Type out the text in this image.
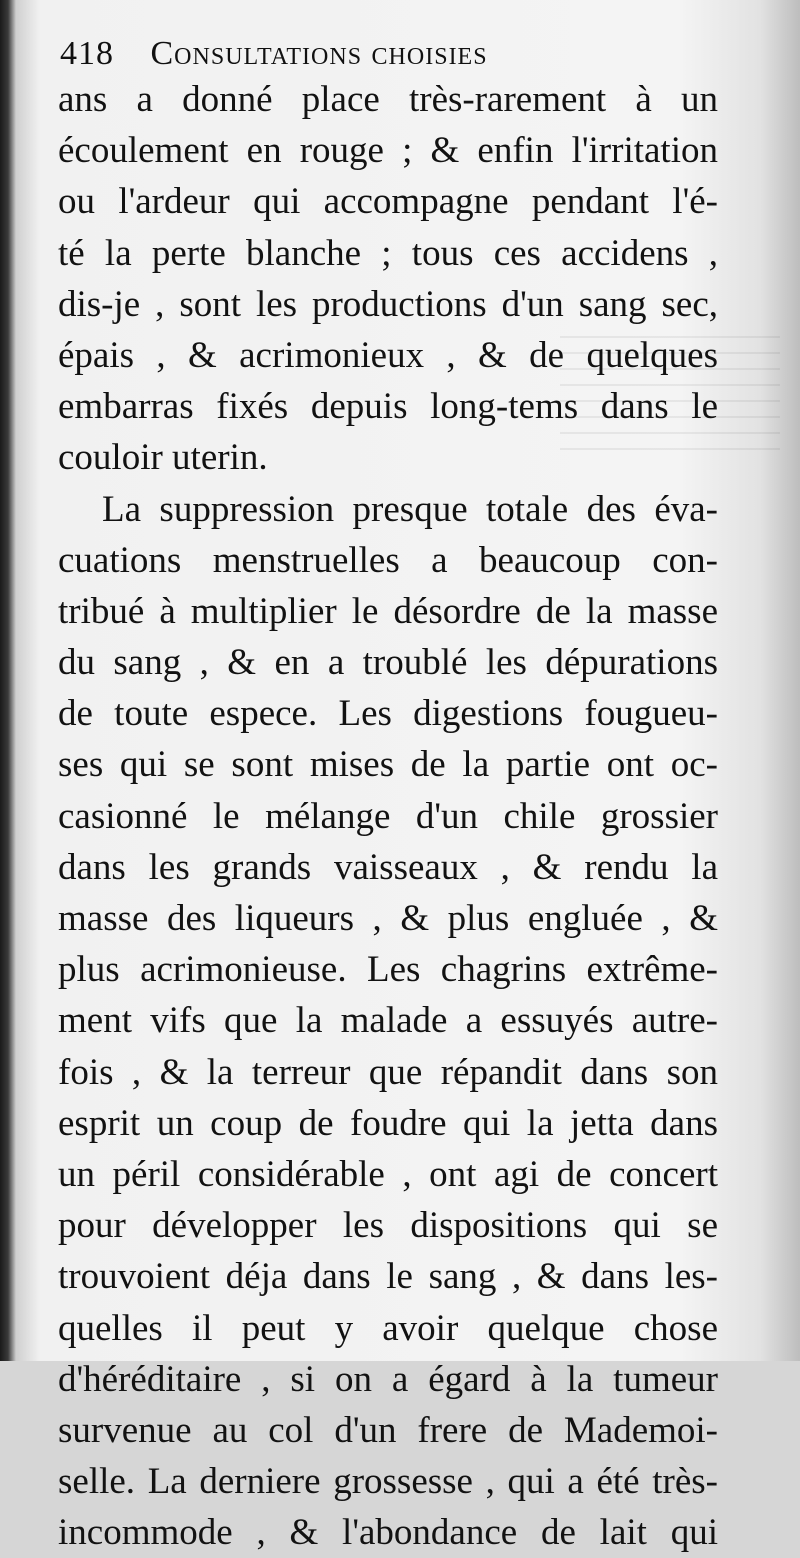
418 Consultations choisies
ans a donné place très-rarement à un
écoulement en rouge ; & enfin l'irritation
ou l'ardeur qui accompagne pendant l'é-
té la perte blanche ; tous ces accidens ,
dis-je , sont les productions d'un sang sec,
épais , & acrimonieux , & de quelques
embarras fixés depuis long-tems dans le
couloir uterin.
La suppression presque totale des éva-
cuations menstruelles a beaucoup con-
tribué à multiplier le désordre de la masse
du sang , & en a troublé les dépurations
de toute espece. Les digestions fougueu-
ses qui se sont mises de la partie ont oc-
casionné le mélange d'un chile grossier
dans les grands vaisseaux , & rendu la
masse des liqueurs , & plus engluée , &
plus acrimonieuse. Les chagrins extrême-
ment vifs que la malade a essuyés autre-
fois , & la terreur que répandit dans son
esprit un coup de foudre qui la jetta dans
un péril considérable , ont agi de concert
pour développer les dispositions qui se
trouvoient déja dans le sang , & dans les-
quelles il peut y avoir quelque chose
d'héréditaire , si on a égard à la tumeur
survenue au col d'un frere de Mademoi-
selle. La derniere grossesse , qui a été très-
incommode , & l'abondance de lait qui
